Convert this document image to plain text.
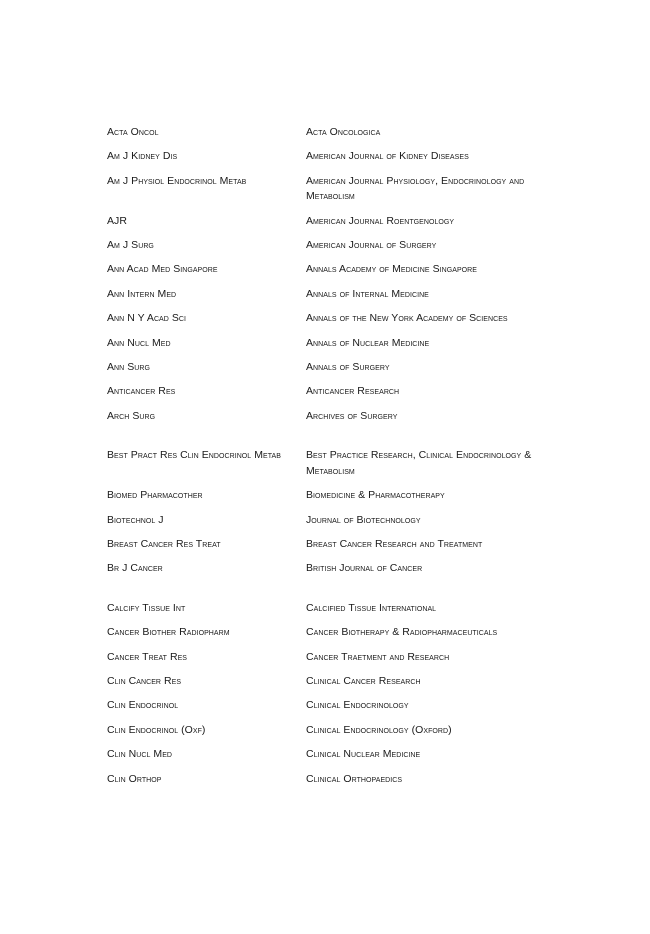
Acta Oncol	Acta Oncologica
Am J Kidney Dis	American Journal of Kidney Diseases
Am J Physiol Endocrinol Metab	American Journal Physiology, Endocrinology and Metabolism
AJR	American Journal Roentgenology
Am J Surg	American Journal of Surgery
Ann Acad Med Singapore	Annals Academy of Medicine Singapore
Ann Intern Med	Annals of Internal Medicine
Ann N Y Acad Sci	Annals of the New York Academy of Sciences
Ann Nucl Med	Annals of Nuclear Medicine
Ann Surg	Annals of Surgery
Anticancer Res	Anticancer Research
Arch Surg	Archives of Surgery
Best Pract Res Clin Endocrinol Metab	Best Practice Research, Clinical Endocrinology & Metabolism
Biomed Pharmacother	Biomedicine & Pharmacotherapy
Biotechnol J	Journal of Biotechnology
Breast Cancer Res Treat	Breast Cancer Research and Treatment
Br J Cancer	British Journal of Cancer
Calcify Tissue Int	Calcified Tissue International
Cancer Biother Radiopharm	Cancer Biotherapy & Radiopharmaceuticals
Cancer Treat Res	Cancer Traetment and Research
Clin Cancer Res	Clinical Cancer Research
Clin Endocrinol	Clinical Endocrinology
Clin Endocrinol (Oxf)	Clinical Endocrinology (Oxford)
Clin Nucl Med	Clinical Nuclear Medicine
Clin Orthop	Clinical Orthopaedics
